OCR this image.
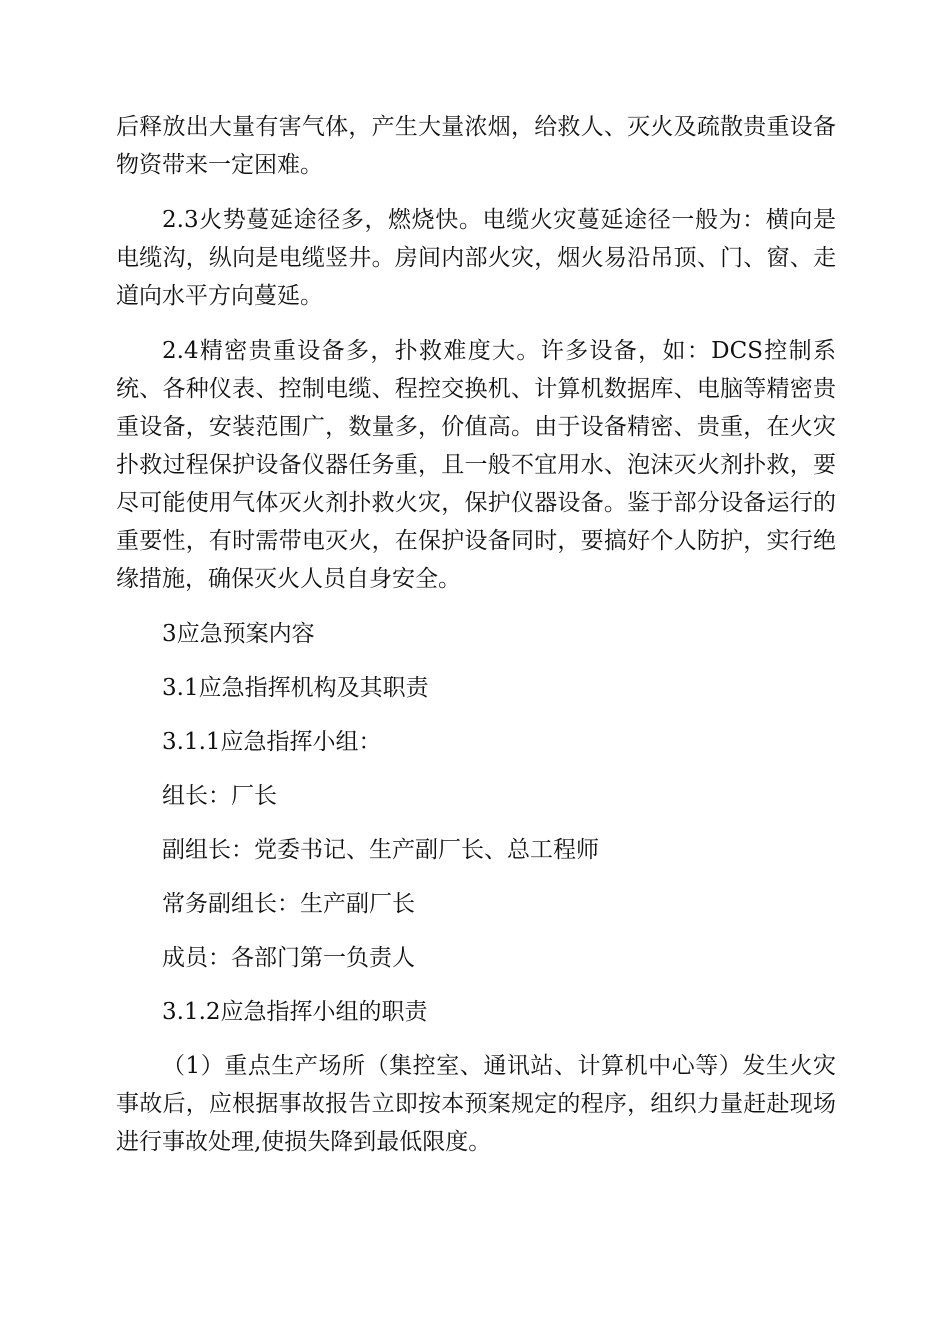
后释放出大量有害气体，产生大量浓烟，给救人、灭火及疏散贵重设备物资带来一定困难。

2.3火势蔓延途径多，燃烧快。电缆火灾蔓延途径一般为：横向是电缆沟，纵向是电缆竖井。房间内部火灾，烟火易沿吊顶、门、窗、走道向水平方向蔓延。

2.4精密贵重设备多，扑救难度大。许多设备，如：DCS控制系统、各种仪表、控制电缆、程控交换机、计算机数据库、电脑等精密贵重设备，安装范围广，数量多，价值高。由于设备精密、贵重，在火灾扑救过程保护设备仪器任务重，且一般不宜用水、泡沫灭火剂扑救，要尽可能使用气体灭火剂扑救火灾，保护仪器设备。鉴于部分设备运行的重要性，有时需带电灭火，在保护设备同时，要搞好个人防护，实行绝缘措施，确保灭火人员自身安全。

3应急预案内容
3.1应急指挥机构及其职责
3.1.1应急指挥小组：
组长：厂长
副组长：党委书记、生产副厂长、总工程师
常务副组长：生产副厂长
成员：各部门第一负责人
3.1.2应急指挥小组的职责

（1）重点生产场所（集控室、通讯站、计算机中心等）发生火灾事故后，应根据事故报告立即按本预案规定的程序，组织力量赶赴现场进行事故处理,使损失降到最低限度。
